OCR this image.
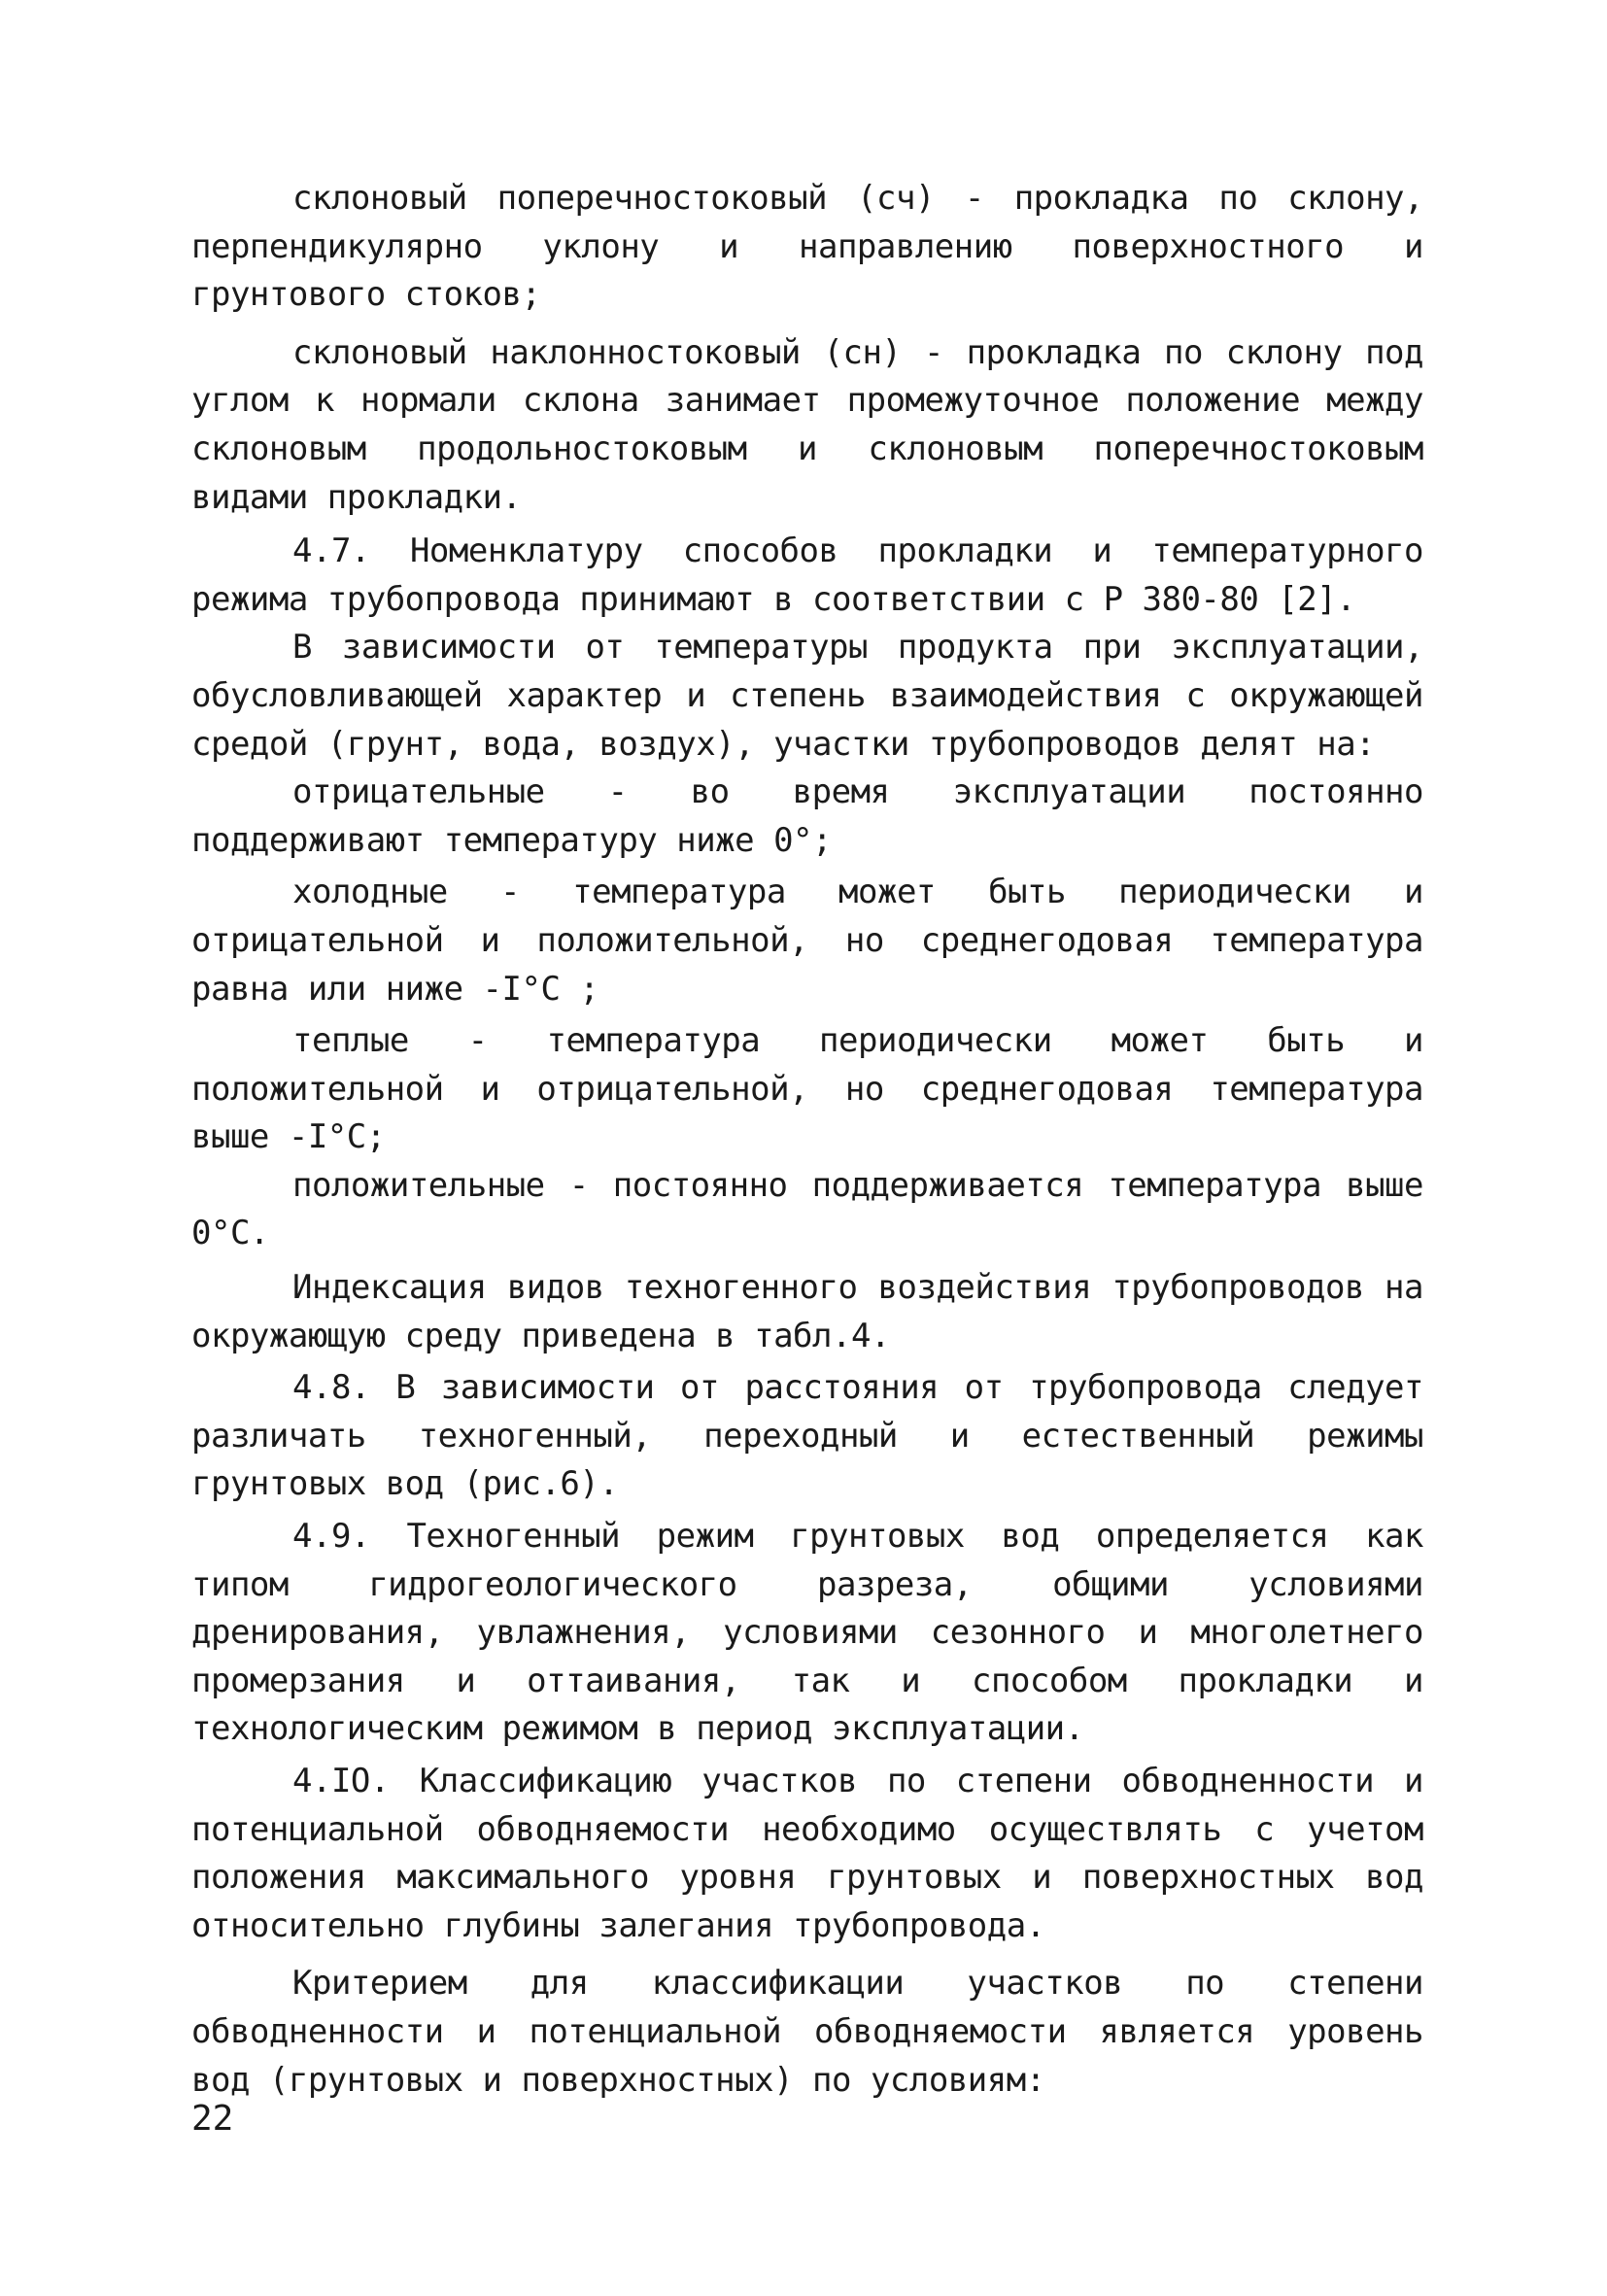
склоновый поперечностоковый (сч) - прокладка по склону, перпендикулярно уклону и направлению поверхностного и грунтового стоков;

склоновый наклонностоковый (сн) - прокладка по склону под углом к нормали склона занимает промежуточное положение между склоновым продольностоковым и склоновым поперечностоковым видами прокладки.

4.7. Номенклатуру способов прокладки и температурного режима трубопровода принимают в соответствии с Р 380-80 [2].

В зависимости от температуры продукта при эксплуатации, обусловливающей характер и степень взаимодействия с окружающей средой (грунт, вода, воздух), участки трубопроводов делят на:

отрицательные - во время эксплуатации постоянно поддерживают температуру ниже 0°;

холодные - температура может быть периодически и отрицательной и положительной, но среднегодовая температура равна или ниже -I°С ;

теплые - температура периодически может быть и положительной и отрицательной, но среднегодовая температура выше -I°С;

положительные - постоянно поддерживается температура выше 0°С.

Индексация видов техногенного воздействия трубопроводов на окружающую среду приведена в табл.4.

4.8. В зависимости от расстояния от трубопровода следует различать техногенный, переходный и естественный режимы грунтовых вод (рис.6).

4.9. Техногенный режим грунтовых вод определяется как типом гидрогеологического разреза, общими условиями дренирования, увлажнения, условиями сезонного и многолетнего промерзания и оттаивания, так и способом прокладки и технологическим режимом в период эксплуатации.

4.IO. Классификацию участков по степени обводненности и потенциальной обводняемости необходимо осуществлять с учетом положения максимального уровня грунтовых и поверхностных вод относительно глубины залегания трубопровода.

Критерием для классификации участков по степени обводненности и потенциальной обводняемости является уровень вод (грунтовых и поверхностных) по условиям:

22
